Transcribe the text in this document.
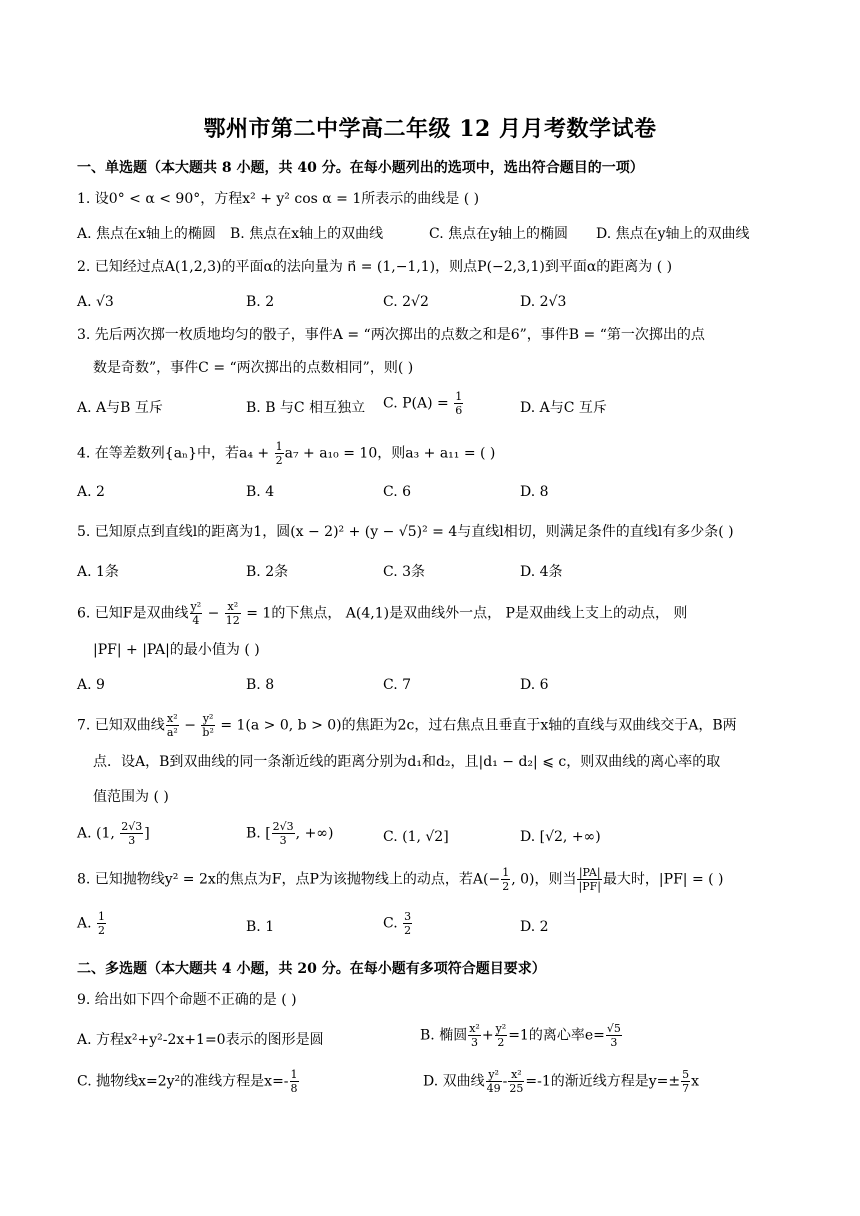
鄂州市第二中学高二年级 12 月月考数学试卷
一、单选题（本大题共 8 小题，共 40 分。在每小题列出的选项中，选出符合题目的一项）
1. 设0° < α < 90°，方程x² + y² cos α = 1所表示的曲线是 ( )
A. 焦点在x轴上的椭圆 B. 焦点在x轴上的双曲线	C. 焦点在y轴上的椭圆 D. 焦点在y轴上的双曲线
2. 已知经过点A(1,2,3)的平面α的法向量为 n⃗ = (1,−1,1)，则点P(−2,3,1)到平面α的距离为 ( )
A. √3	B. 2	C. 2√2	D. 2√3
3. 先后两次掷一枚质地均匀的骰子，事件A = “两次掷出的点数之和是6”，事件B = “第一次掷出的点
数是奇数”，事件C = “两次掷出的点数相同”，则( )
A. A与B 互斥	B. B 与C 相互独立 C. $P(A) = \frac{1}{6}$	D. A与C 互斥
4. 在等差数列{aₙ}中，若$a_4 + \frac{1}{2} a_7 + a_{10} = 10$，则a₃ + a₁₁ = ( )
A. 2	B. 4	C. 6	D. 8
5. 已知原点到直线l的距离为1，圆(x − 2)² + (y − √5)² = 4与直线l相切，则满足条件的直线l有多少条( )
A. 1条	B. 2条	C. 3条	D. 4条
6. 已知F是双曲线 $\frac{\text{y²}}{4} - \frac{\text{x²}}{12} = 1$的下焦点， A(4,1)是双曲线外一点， P是双曲线上支上的动点， 则
|PF| + |PA|的最小值为 ( )
A. 9	B. 8	C. 7	D. 6
7. 已知双曲线 $\frac{\text{x²}}{\text{a²}} - \frac{\text{y²}}{\text{b²}} = 1(a > 0$, b > 0)的焦距为2c，过右焦点且垂直于x轴的直线与双曲线交于A，B两
点．设A，B到双曲线的同一条渐近线的距离分别为d₁和d₂，且|d₁ − d₂| ⩽ c，则双曲线的离心率的取
值范围为 ( )
A. (1, $\frac{2√3}{3}$ ]	B. [ $\frac{2√3}{3}$ , +∞)	C. (1, √2]	D. [√2, +∞)
8. 已知抛物线y² = 2x的焦点为F，点P为该抛物线上的动点，若$A(- \frac{1}{2}$ , 0)，则当 $\frac{|PA|}{|PF|}$ 最大时，|PF| = ( )
A. $\frac{1}{2}$	B. 1	C. $\frac{3}{2}$	D. 2
二、多选题（本大题共 4 小题，共 20 分。在每小题有多项符合题目要求）
9. 给出如下四个命题不正确的是 ( )
A. 方程x²+y²-2x+1=0表示的图形是圆	B. 椭圆 $\frac{\text{x²}}{3} + \frac{\text{y²}}{2} =1$的离心率$e= \frac{√5}{3}$
C. 抛物线x=2y²的准线方程是$x=- \frac{1}{8}$	D. 双曲线 $\frac{\text{y²}}{49} - \frac{\text{x²}}{25} =-1$的渐近线方程是$y=\pm \frac{5}{7}$ x
